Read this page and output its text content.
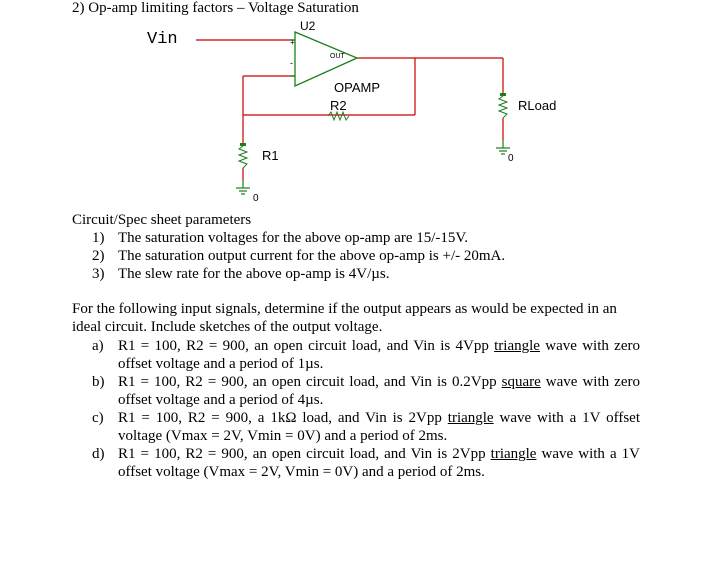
2) Op-amp limiting factors – Voltage Saturation
Vin
U2
+
-
OUT
OPAMP
R2	RLoad
R1	0
0
Circuit/Spec sheet parameters
1) The saturation voltages for the above op-amp are 15/-15V.
2) The saturation output current for the above op-amp is +/- 20mA.
3) The slew rate for the above op-amp is 4V/µs.
For the following input signals, determine if the output appears as would be expected in an ideal circuit. Include sketches of the output voltage.
a) R1 = 100, R2 = 900, an open circuit load, and Vin is 4Vpp triangle wave with zero offset voltage and a period of 1µs.
b) R1 = 100, R2 = 900, an open circuit load, and Vin is 0.2Vpp square wave with zero offset voltage and a period of 4µs.
c) R1 = 100, R2 = 900, a 1kΩ load, and Vin is 2Vpp triangle wave with a 1V offset voltage (Vmax = 2V, Vmin = 0V) and a period of 2ms.
d) R1 = 100, R2 = 900, an open circuit load, and Vin is 2Vpp triangle wave with a 1V offset voltage (Vmax = 2V, Vmin = 0V) and a period of 2ms.
